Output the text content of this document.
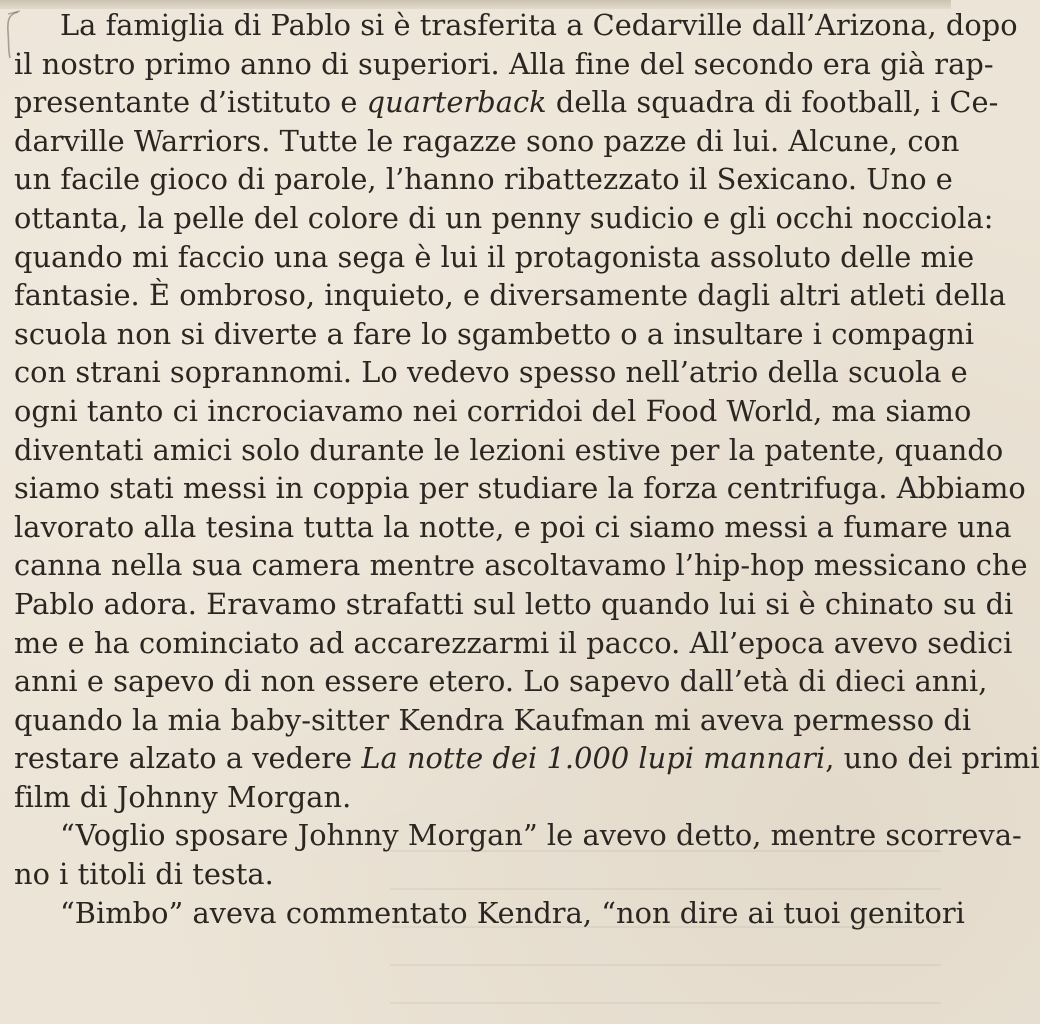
La famiglia di Pablo si è trasferita a Cedarville dall’Arizona, dopo
il nostro primo anno di superiori. Alla fine del secondo era già rap-
presentante d’istituto e quarterback della squadra di football, i Ce-
darville Warriors. Tutte le ragazze sono pazze di lui. Alcune, con
un facile gioco di parole, l’hanno ribattezzato il Sexicano. Uno e
ottanta, la pelle del colore di un penny sudicio e gli occhi nocciola:
quando mi faccio una sega è lui il protagonista assoluto delle mie
fantasie. È ombroso, inquieto, e diversamente dagli altri atleti della
scuola non si diverte a fare lo sgambetto o a insultare i compagni
con strani soprannomi. Lo vedevo spesso nell’atrio della scuola e
ogni tanto ci incrociavamo nei corridoi del Food World, ma siamo
diventati amici solo durante le lezioni estive per la patente, quando
siamo stati messi in coppia per studiare la forza centrifuga. Abbiamo
lavorato alla tesina tutta la notte, e poi ci siamo messi a fumare una
canna nella sua camera mentre ascoltavamo l’hip-hop messicano che
Pablo adora. Eravamo strafatti sul letto quando lui si è chinato su di
me e ha cominciato ad accarezzarmi il pacco. All’epoca avevo sedici
anni e sapevo di non essere etero. Lo sapevo dall’età di dieci anni,
quando la mia baby-sitter Kendra Kaufman mi aveva permesso di
restare alzato a vedere La notte dei 1.000 lupi mannari, uno dei primi
film di Johnny Morgan.
“Voglio sposare Johnny Morgan” le avevo detto, mentre scorreva-
no i titoli di testa.
“Bimbo” aveva commentato Kendra, “non dire ai tuoi genitori
